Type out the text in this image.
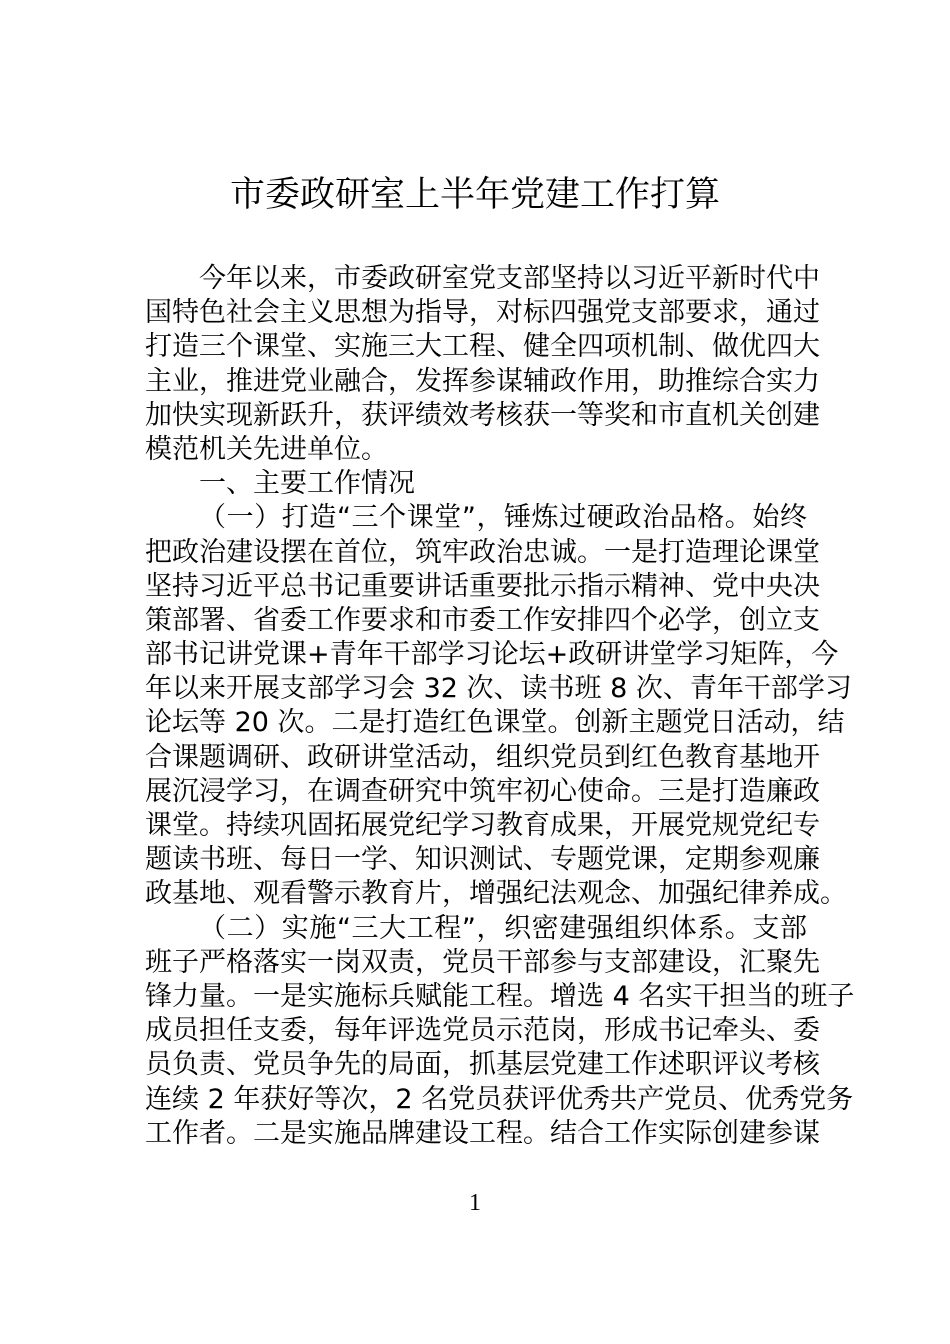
市委政研室上半年党建工作打算
今年以来，市委政研室党支部坚持以习近平新时代中
国特色社会主义思想为指导，对标四强党支部要求，通过
打造三个课堂、实施三大工程、健全四项机制、做优四大
主业，推进党业融合，发挥参谋辅政作用，助推综合实力
加快实现新跃升，获评绩效考核获一等奖和市直机关创建
模范机关先进单位。
一、主要工作情况
（一）打造“三个课堂”，锤炼过硬政治品格。始终
把政治建设摆在首位，筑牢政治忠诚。一是打造理论课堂
坚持习近平总书记重要讲话重要批示指示精神、党中央决
策部署、省委工作要求和市委工作安排四个必学，创立支
部书记讲党课+青年干部学习论坛+政研讲堂学习矩阵，今
年以来开展支部学习会 32 次、读书班 8 次、青年干部学习
论坛等 20 次。二是打造红色课堂。创新主题党日活动，结
合课题调研、政研讲堂活动，组织党员到红色教育基地开
展沉浸学习，在调查研究中筑牢初心使命。三是打造廉政
课堂。持续巩固拓展党纪学习教育成果，开展党规党纪专
题读书班、每日一学、知识测试、专题党课，定期参观廉
政基地、观看警示教育片，增强纪法观念、加强纪律养成。
（二）实施“三大工程”，织密建强组织体系。支部
班子严格落实一岗双责，党员干部参与支部建设，汇聚先
锋力量。一是实施标兵赋能工程。增选 4 名实干担当的班子
成员担任支委，每年评选党员示范岗，形成书记牵头、委
员负责、党员争先的局面，抓基层党建工作述职评议考核
连续 2 年获好等次，2 名党员获评优秀共产党员、优秀党务
工作者。二是实施品牌建设工程。结合工作实际创建参谋
1
